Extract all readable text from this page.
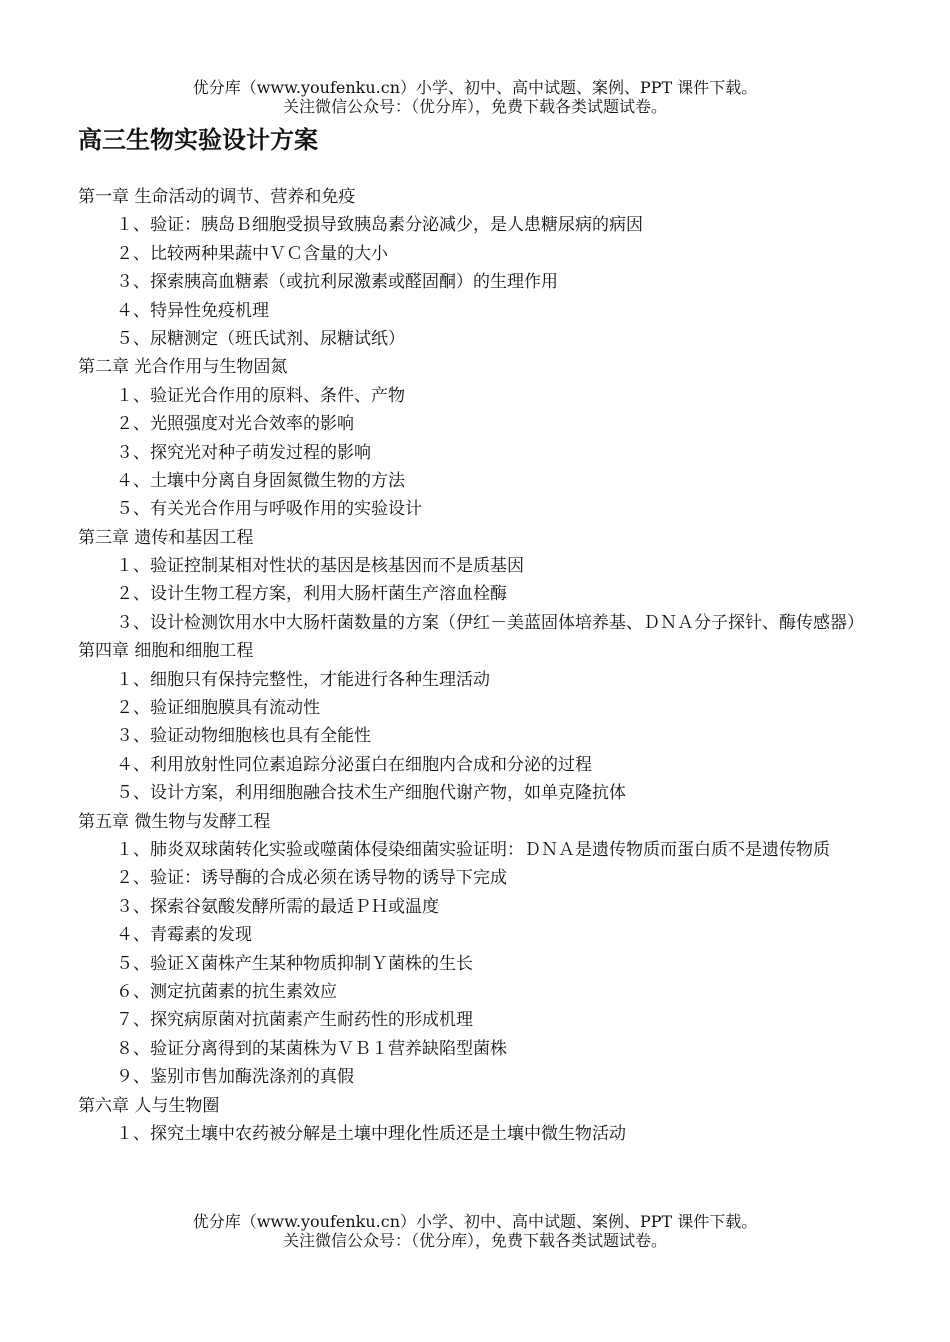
优分库（www.youfenku.cn）小学、初中、高中试题、案例、PPT 课件下载。
关注微信公众号：（优分库），免费下载各类试题试卷。
高三生物实验设计方案
第一章 生命活动的调节、营养和免疫
１、验证：胰岛Ｂ细胞受损导致胰岛素分泌减少，是人患糖尿病的病因
２、比较两种果蔬中ＶＣ含量的大小
３、探索胰高血糖素（或抗利尿激素或醛固酮）的生理作用
４、特异性免疫机理
５、尿糖测定（班氏试剂、尿糖试纸）
第二章 光合作用与生物固氮
１、验证光合作用的原料、条件、产物
２、光照强度对光合效率的影响
３、探究光对种子萌发过程的影响
４、土壤中分离自身固氮微生物的方法
５、有关光合作用与呼吸作用的实验设计
第三章 遗传和基因工程
１、验证控制某相对性状的基因是核基因而不是质基因
２、设计生物工程方案，利用大肠杆菌生产溶血栓酶
３、设计检测饮用水中大肠杆菌数量的方案（伊红－美蓝固体培养基、ＤＮＡ分子探针、酶传感器）
第四章 细胞和细胞工程
１、细胞只有保持完整性，才能进行各种生理活动
２、验证细胞膜具有流动性
３、验证动物细胞核也具有全能性
４、利用放射性同位素追踪分泌蛋白在细胞内合成和分泌的过程
５、设计方案，利用细胞融合技术生产细胞代谢产物，如单克隆抗体
第五章 微生物与发酵工程
１、肺炎双球菌转化实验或噬菌体侵染细菌实验证明：ＤＮＡ是遗传物质而蛋白质不是遗传物质
２、验证：诱导酶的合成必须在诱导物的诱导下完成
３、探索谷氨酸发酵所需的最适ＰＨ或温度
４、青霉素的发现
５、验证Ｘ菌株产生某种物质抑制Ｙ菌株的生长
６、测定抗菌素的抗生素效应
７、探究病原菌对抗菌素产生耐药性的形成机理
８、验证分离得到的某菌株为ＶＢ１营养缺陷型菌株
９、鉴别市售加酶洗涤剂的真假
第六章 人与生物圈
１、探究土壤中农药被分解是土壤中理化性质还是土壤中微生物活动
优分库（www.youfenku.cn）小学、初中、高中试题、案例、PPT 课件下载。
关注微信公众号：（优分库），免费下载各类试题试卷。
